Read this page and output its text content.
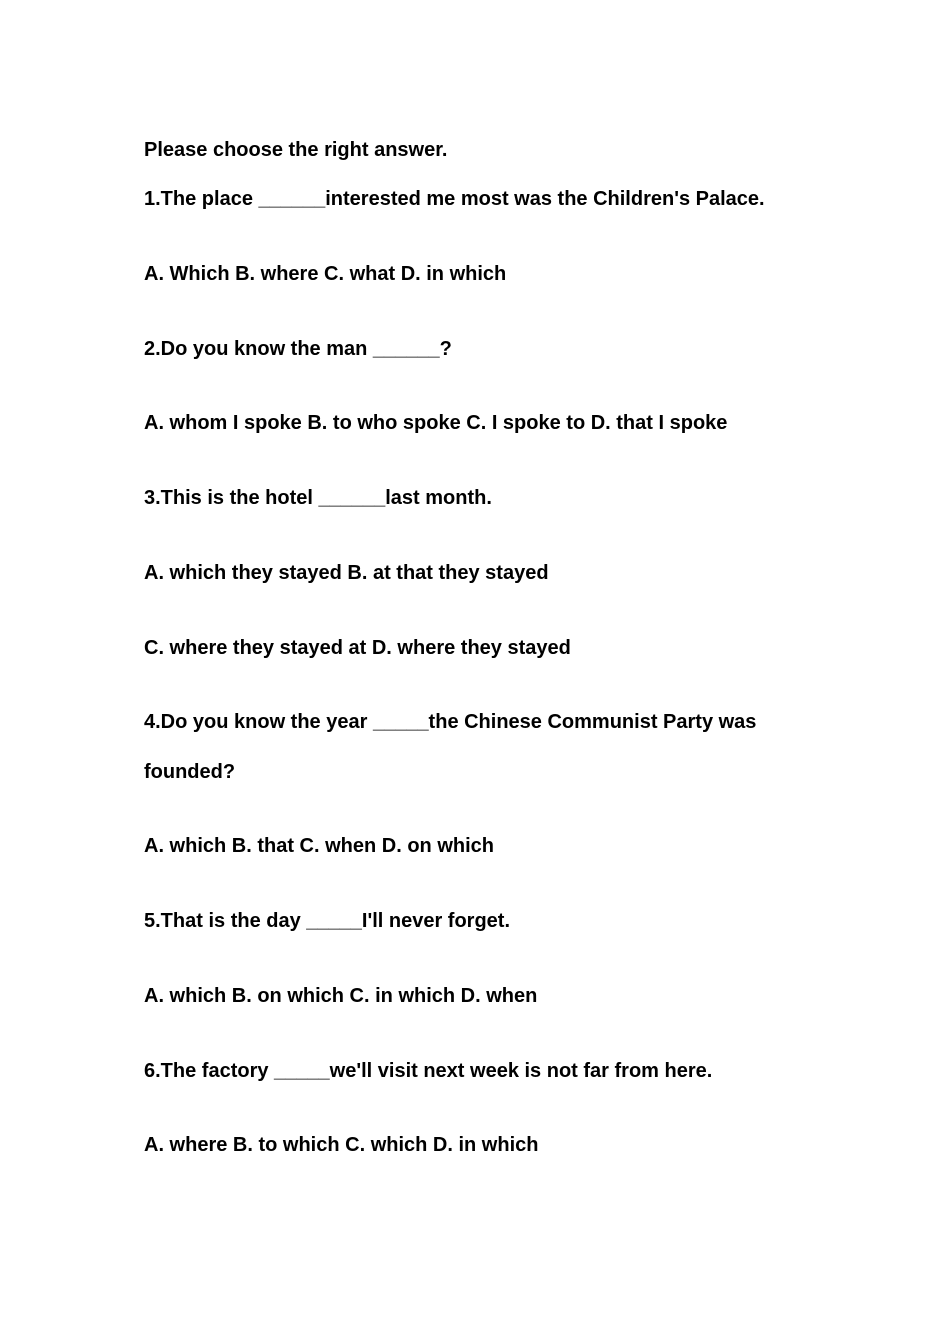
Please choose the right answer.
1.The place ______interested me most was the Children's Palace.
A. Which B. where C. what D. in which
2.Do you know the man ______?
A. whom I spoke B. to who spoke C. I spoke to D. that I spoke
3.This is the hotel ______last month.
A. which they stayed B. at that they stayed
C. where they stayed at D. where they stayed
4.Do you know the year _____the Chinese Communist Party was
founded?
A. which B. that C. when D. on which
5.That is the day _____I'll never forget.
A. which B. on which C. in which D. when
6.The factory _____we'll visit next week is not far from here.
A. where B. to which C. which D. in which
